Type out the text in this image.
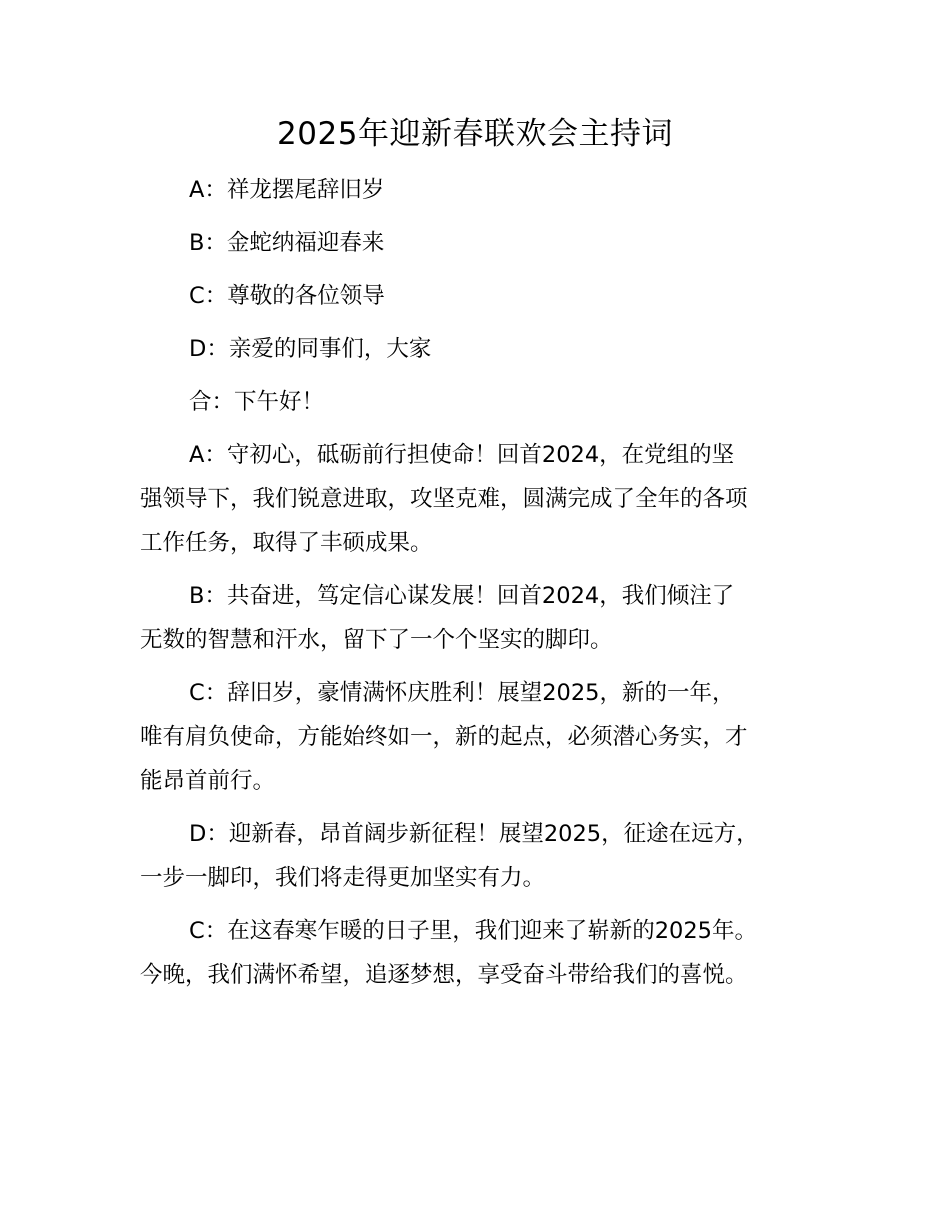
2025年迎新春联欢会主持词
A：祥龙摆尾辞旧岁
B：金蛇纳福迎春来
C：尊敬的各位领导
D：亲爱的同事们，大家
合：下午好！
A：守初心，砥砺前行担使命！回首2024，在党组的坚
强领导下，我们锐意进取，攻坚克难，圆满完成了全年的各项
工作任务，取得了丰硕成果。
B：共奋进，笃定信心谋发展！回首2024，我们倾注了
无数的智慧和汗水，留下了一个个坚实的脚印。
C：辞旧岁，豪情满怀庆胜利！展望2025，新的一年，
唯有肩负使命，方能始终如一，新的起点，必须潜心务实，才
能昂首前行。
D：迎新春，昂首阔步新征程！展望2025，征途在远方，
一步一脚印，我们将走得更加坚实有力。
C：在这春寒乍暖的日子里，我们迎来了崭新的2025年。
今晚，我们满怀希望，追逐梦想，享受奋斗带给我们的喜悦。
